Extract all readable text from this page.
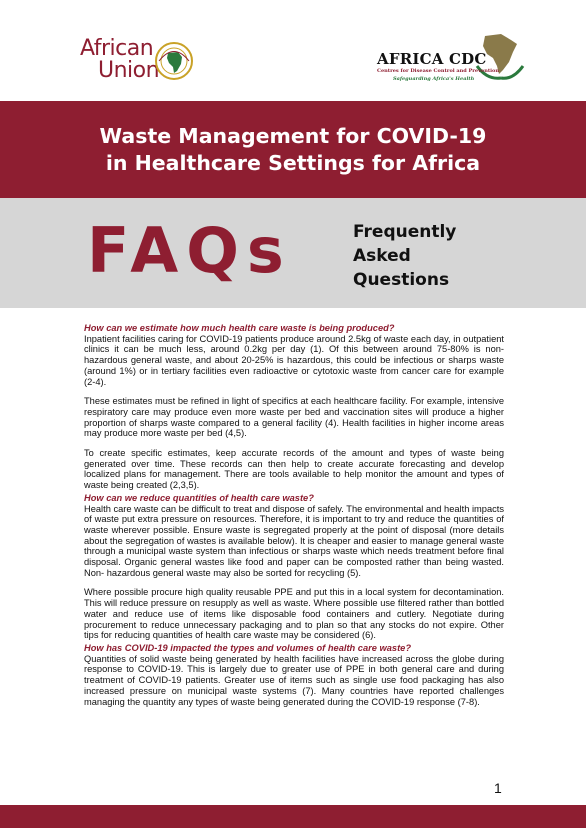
African
Union	AFRICA CDC
Centres for Disease Control and Prevention
Safeguarding Africa's Health
Waste Management for COVID-19
in Healthcare Settings for Africa
FAQs	Frequently
Asked
Questions

How can we estimate how much health care waste is being produced?

Inpatient facilities caring for COVID-19 patients produce around 2.5kg of waste each day, in outpatient clinics it can be much less, around 0.2kg per day (1). Of this between around 75-80% is non-hazardous general waste, and about 20-25% is hazardous, this could be infectious or sharps waste (around 1%) or in tertiary facilities even radioactive or cytotoxic waste from cancer care for example (2-4).

These estimates must be refined in light of specifics at each healthcare facility. For example, intensive respiratory care may produce even more waste per bed and vaccination sites will produce a higher proportion of sharps waste compared to a general facility (4). Health facilities in higher income areas may produce more waste per bed (4,5).

To create specific estimates, keep accurate records of the amount and types of waste being generated over time. These records can then help to create accurate forecasting and develop localized plans for management. There are tools available to help monitor the amount and types of waste being created (2,3,5).

How can we reduce quantities of health care waste?

Health care waste can be difficult to treat and dispose of safely. The environmental and health impacts of waste put extra pressure on resources. Therefore, it is important to try and reduce the quantities of waste wherever possible. Ensure waste is segregated properly at the point of disposal (more details about the segregation of wastes is available below). It is cheaper and easier to manage general waste through a municipal waste system than infectious or sharps waste which needs treatment before final disposal. Organic general wastes like food and paper can be composted rather than being wasted. Non- hazardous general waste may also be sorted for recycling (5).

Where possible procure high quality reusable PPE and put this in a local system for decontamination. This will reduce pressure on resupply as well as waste. Where possible use filtered rather than bottled water and reduce use of items like disposable food containers and cutlery. Negotiate during procurement to reduce unnecessary packaging and to plan so that any stocks do not expire. Other tips for reducing quantities of health care waste may be considered (6).

How has COVID-19 impacted the types and volumes of health care waste?

Quantities of solid waste being generated by health facilities have increased across the globe during response to COVID-19. This is largely due to greater use of PPE in both general care and during treatment of COVID-19 patients. Greater use of items such as single use food packaging has also increased pressure on municipal waste systems (7). Many countries have reported challenges managing the quantity any types of waste being generated during the COVID-19 response (7-8).

1
